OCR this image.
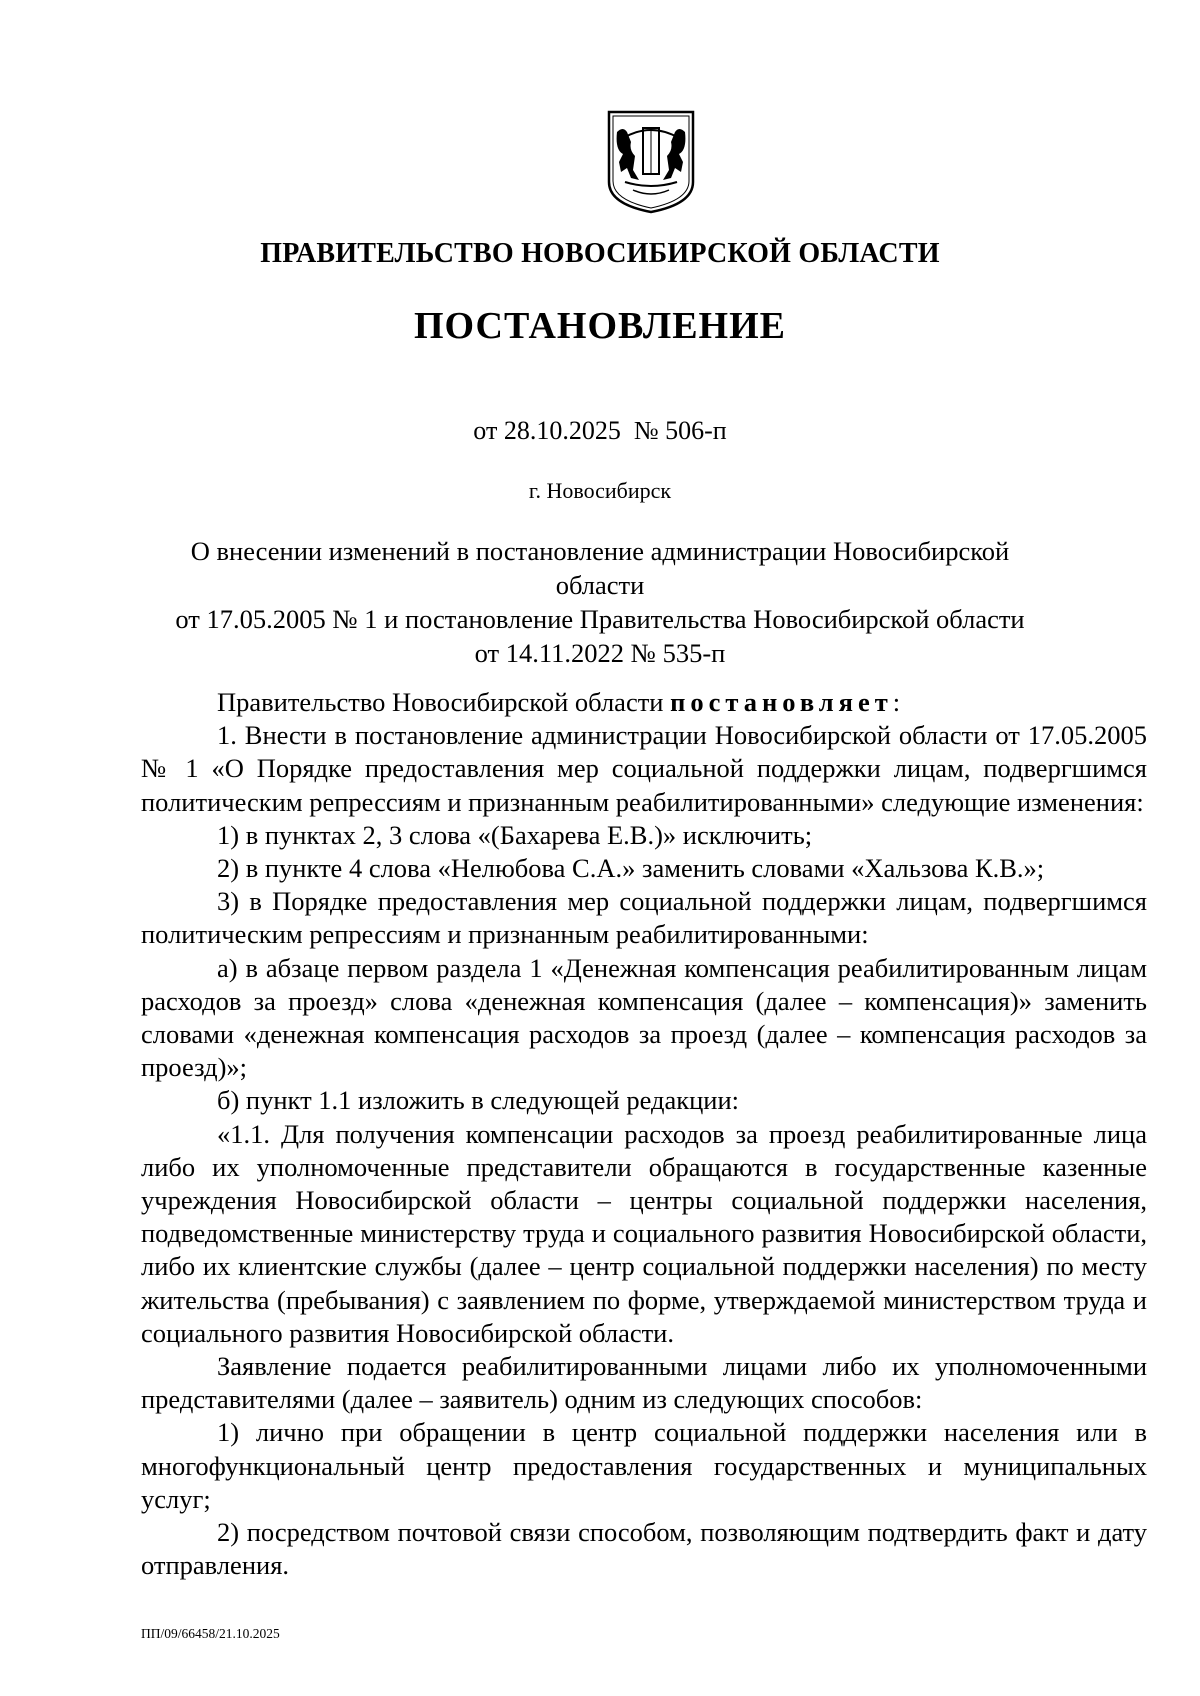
ПРАВИТЕЛЬСТВО НОВОСИБИРСКОЙ ОБЛАСТИ
ПОСТАНОВЛЕНИЕ
от 28.10.2025  № 506-п
г. Новосибирск
О внесении изменений в постановление администрации Новосибирской области
от 17.05.2005 № 1 и постановление Правительства Новосибирской области
от 14.11.2022 № 535-п

Правительство Новосибирской области постановляет:

1. Внести в постановление администрации Новосибирской области от 17.05.2005 № 1 «О Порядке предоставления мер социальной поддержки лицам, подвергшимся политическим репрессиям и признанным реабилитированными» следующие изменения:

1) в пунктах 2, 3 слова «(Бахарева Е.В.)» исключить;

2) в пункте 4 слова «Нелюбова С.А.» заменить словами «Хальзова К.В.»;

3) в Порядке предоставления мер социальной поддержки лицам, подвергшимся политическим репрессиям и признанным реабилитированными:

а) в абзаце первом раздела 1 «Денежная компенсация реабилитированным лицам расходов за проезд» слова «денежная компенсация (далее – компенсация)» заменить словами «денежная компенсация расходов за проезд (далее – компенсация расходов за проезд)»;

б) пункт 1.1 изложить в следующей редакции:

«1.1. Для получения компенсации расходов за проезд реабилитированные лица либо их уполномоченные представители обращаются в государственные казенные учреждения Новосибирской области – центры социальной поддержки населения, подведомственные министерству труда и социального развития Новосибирской области, либо их клиентские службы (далее – центр социальной поддержки населения) по месту жительства (пребывания) с заявлением по форме, утверждаемой министерством труда и социального развития Новосибирской области.

Заявление подается реабилитированными лицами либо их уполномоченными представителями (далее – заявитель) одним из следующих способов:

1) лично при обращении в центр социальной поддержки населения или в многофункциональный центр предоставления государственных и муниципальных услуг;

2) посредством почтовой связи способом, позволяющим подтвердить факт и дату отправления.

ПП/09/66458/21.10.2025
